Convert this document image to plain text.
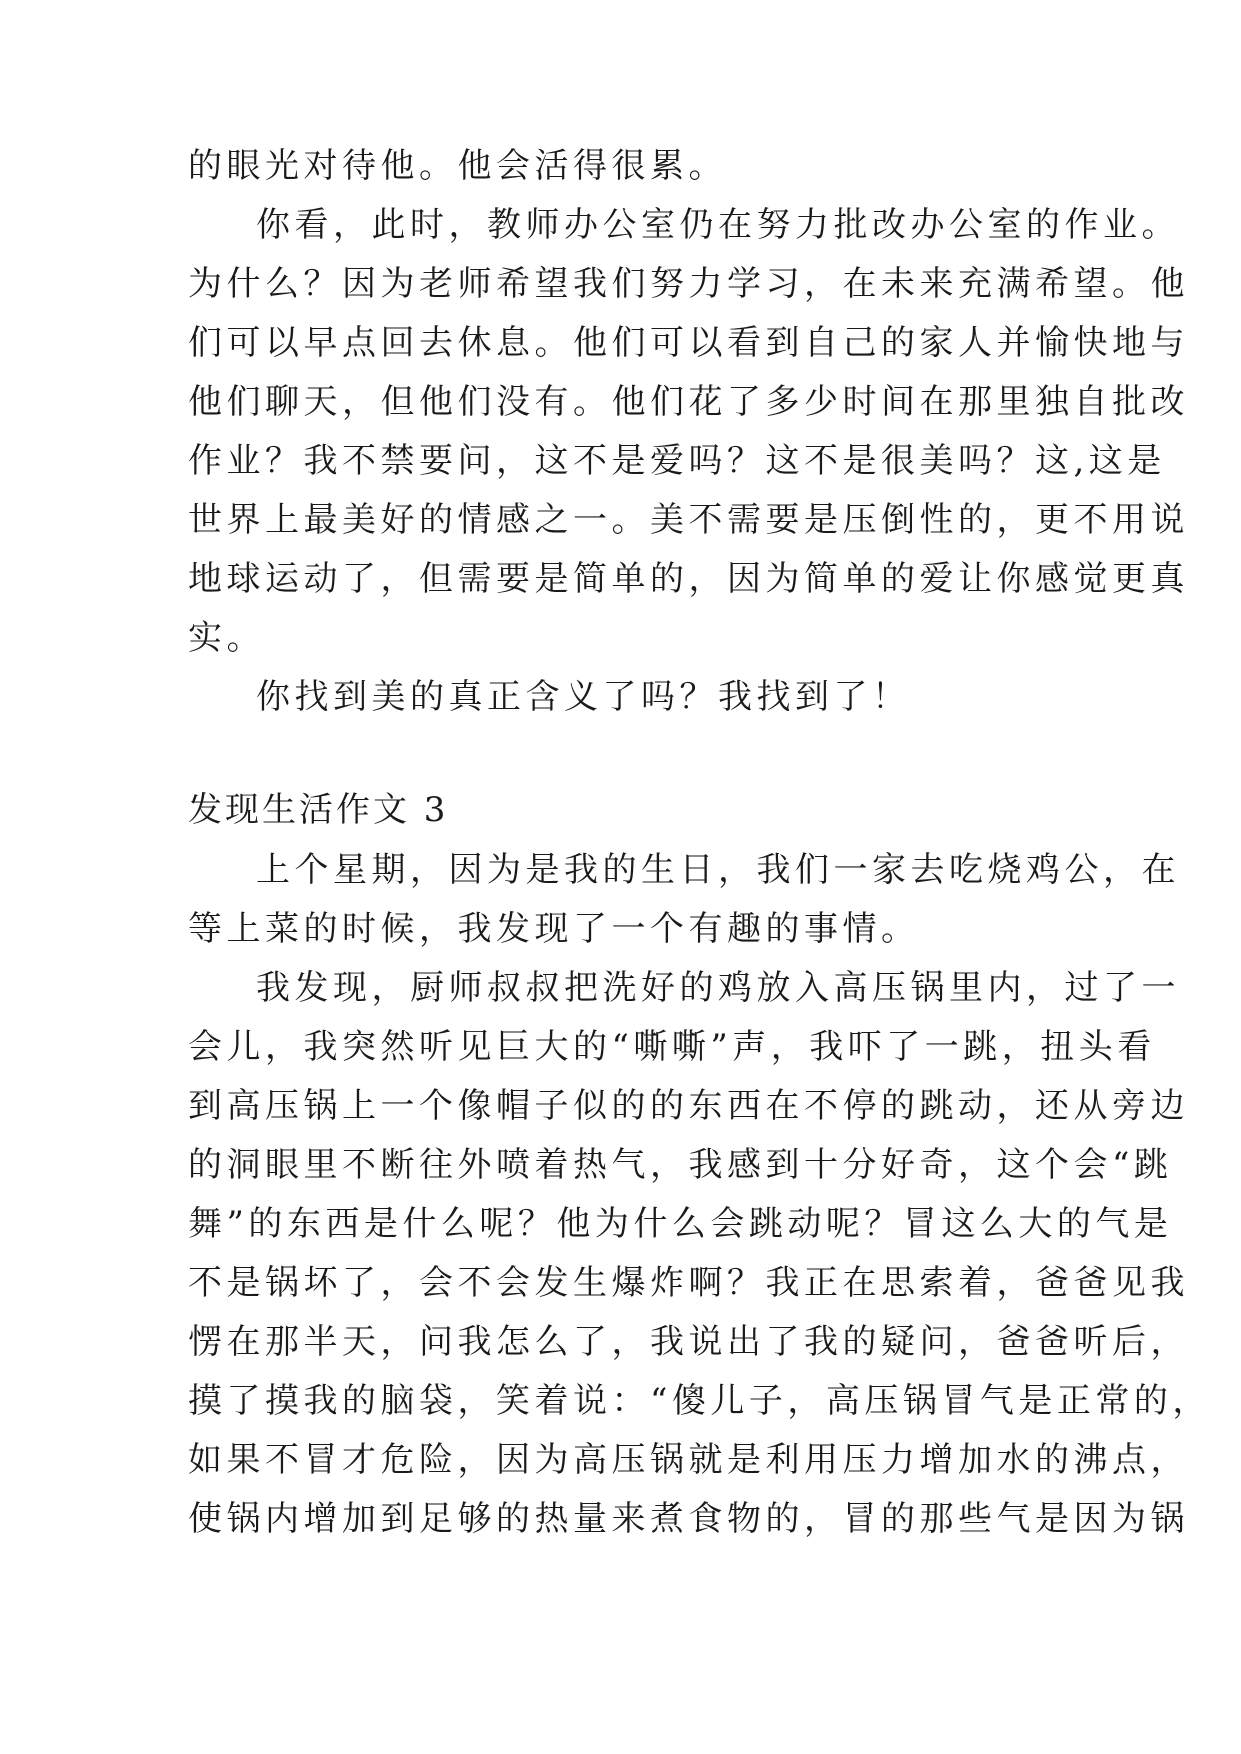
的眼光对待他。他会活得很累。
你看，此时，教师办公室仍在努力批改办公室的作业。
为什么？因为老师希望我们努力学习，在未来充满希望。他
们可以早点回去休息。他们可以看到自己的家人并愉快地与
他们聊天，但他们没有。他们花了多少时间在那里独自批改
作业？我不禁要问，这不是爱吗？这不是很美吗？这,这是
世界上最美好的情感之一。美不需要是压倒性的，更不用说
地球运动了，但需要是简单的，因为简单的爱让你感觉更真
实。
你找到美的真正含义了吗？我找到了！
发现生活作文 3
上个星期，因为是我的生日，我们一家去吃烧鸡公，在
等上菜的时候，我发现了一个有趣的事情。
我发现，厨师叔叔把洗好的鸡放入高压锅里内，过了一
会儿，我突然听见巨大的“嘶嘶”声，我吓了一跳，扭头看
到高压锅上一个像帽子似的的东西在不停的跳动，还从旁边
的洞眼里不断往外喷着热气，我感到十分好奇，这个会“跳
舞”的东西是什么呢？他为什么会跳动呢？冒这么大的气是
不是锅坏了，会不会发生爆炸啊？我正在思索着，爸爸见我
愣在那半天，问我怎么了，我说出了我的疑问，爸爸听后，
摸了摸我的脑袋，笑着说：“傻儿子，高压锅冒气是正常的，
如果不冒才危险，因为高压锅就是利用压力增加水的沸点，
使锅内增加到足够的热量来煮食物的，冒的那些气是因为锅
